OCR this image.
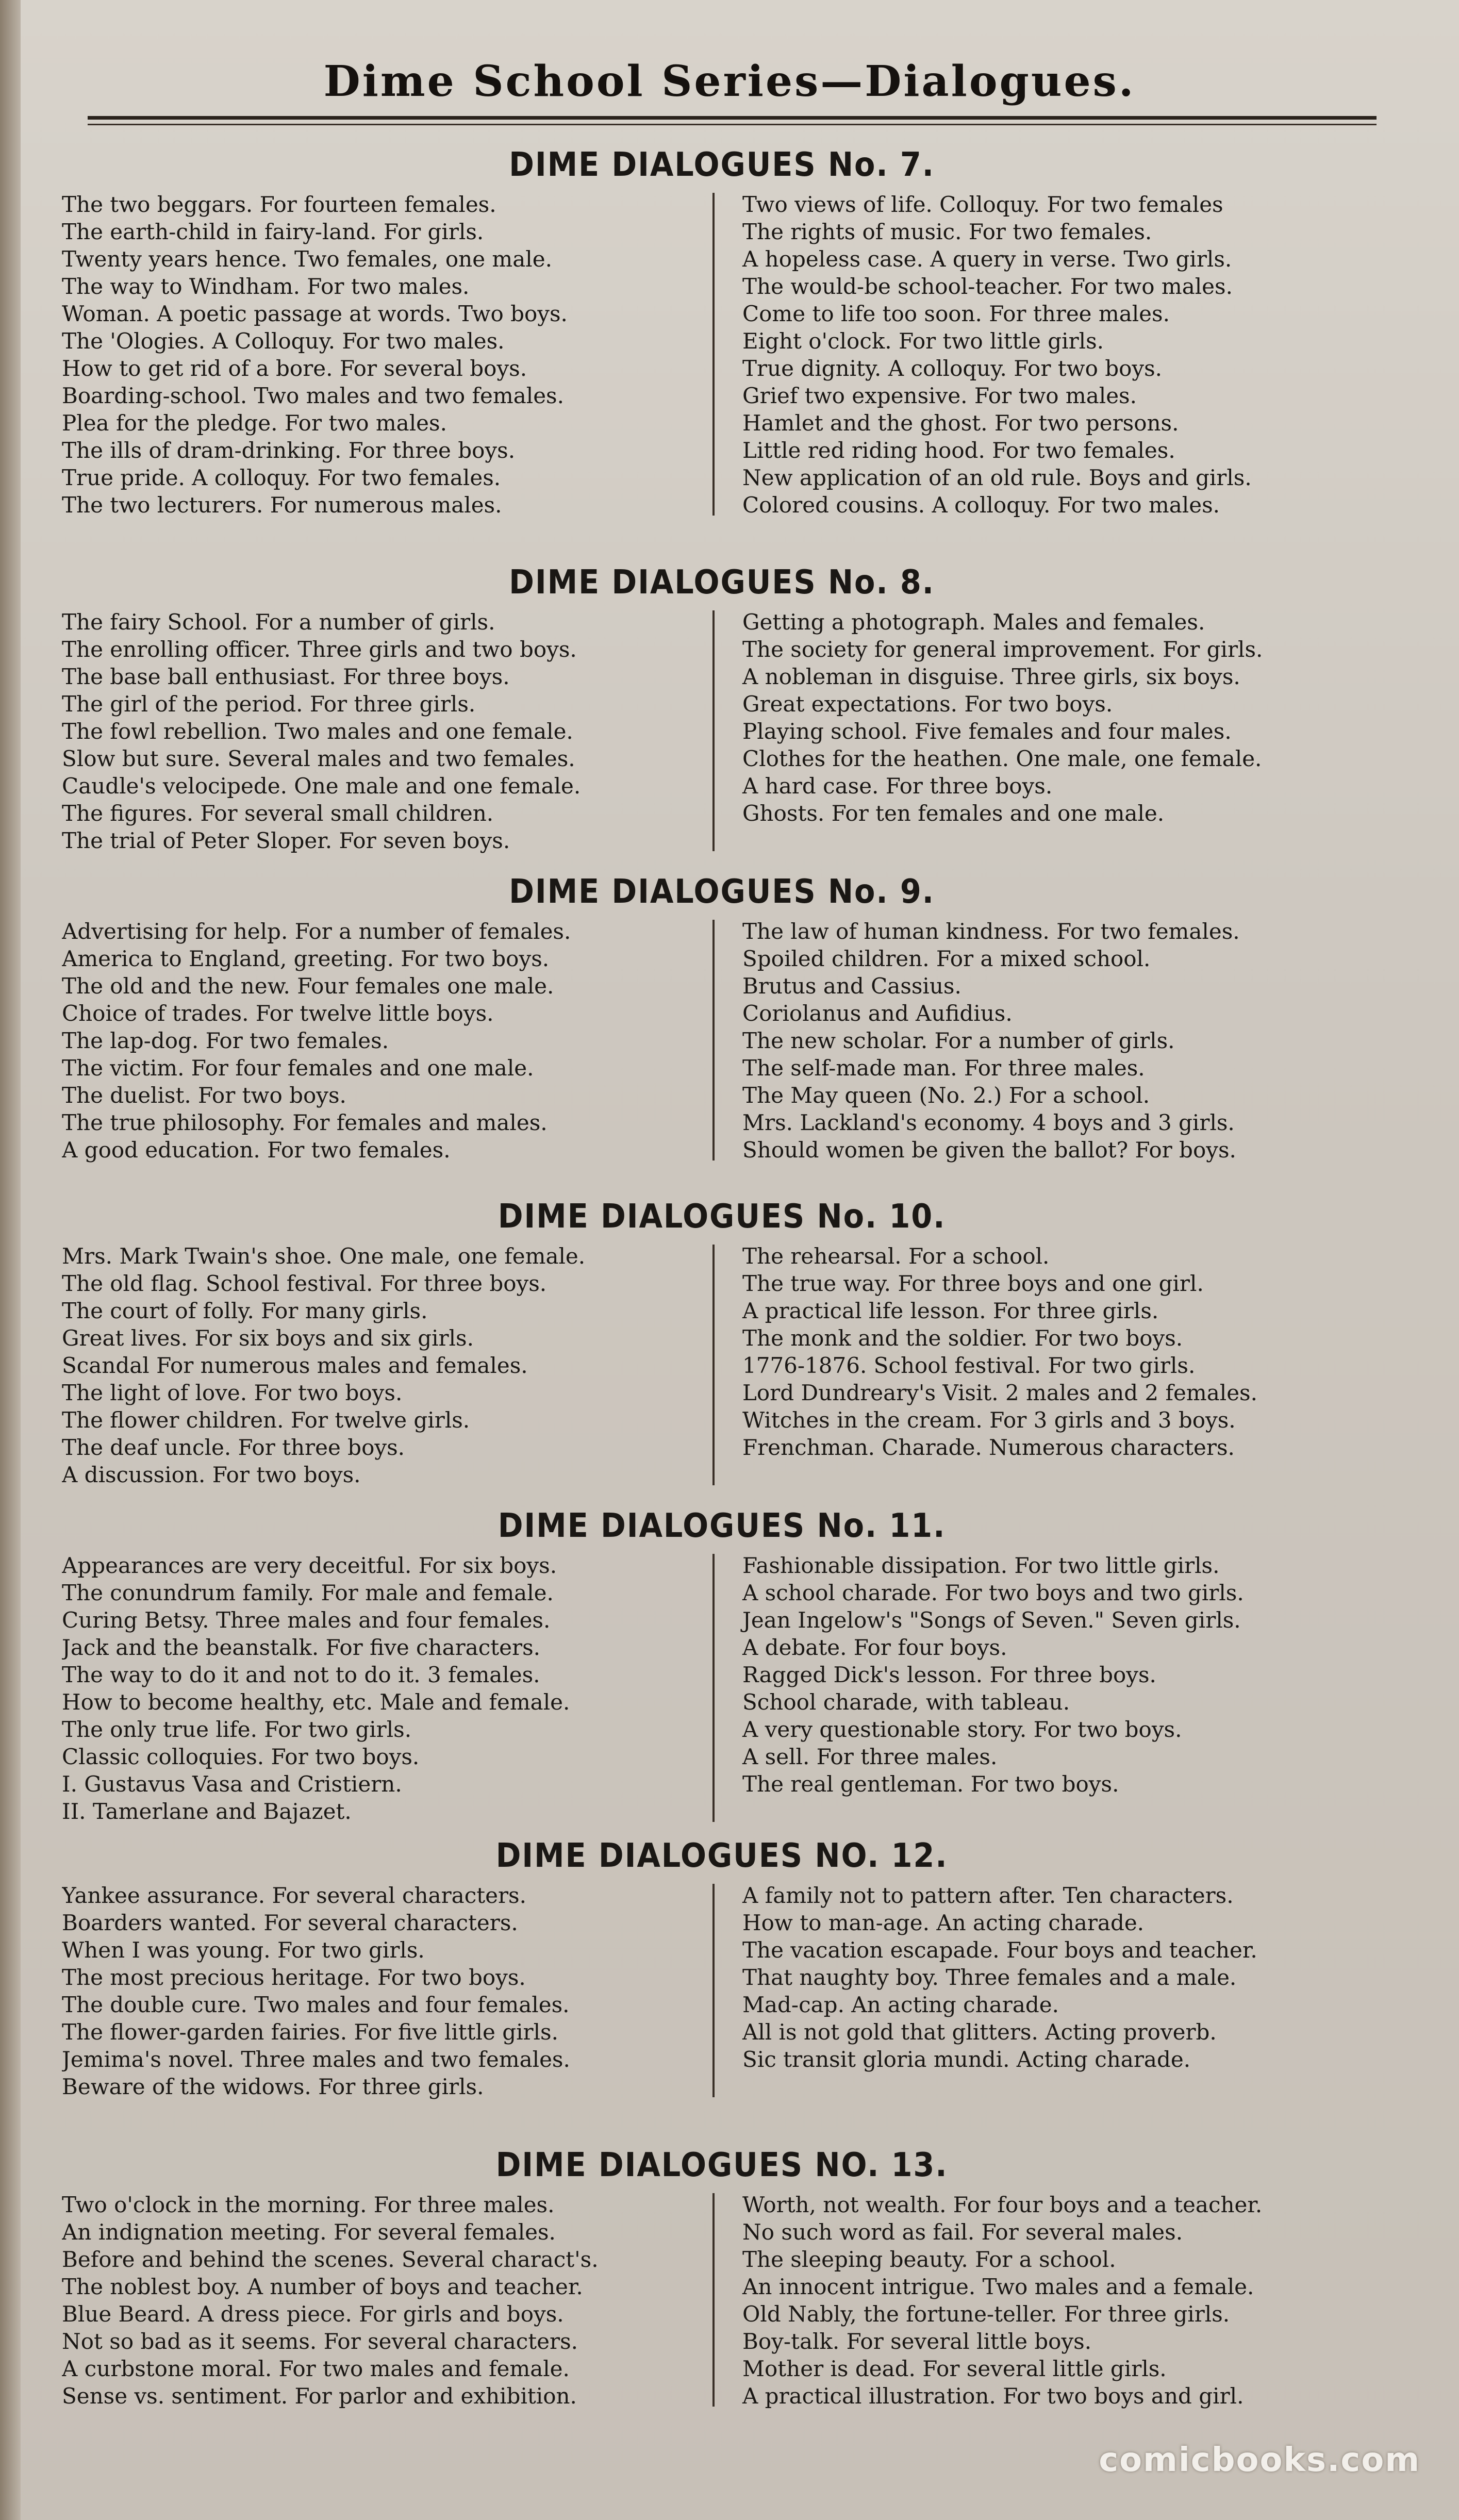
Dime School Series—Dialogues.
DIME DIALOGUES No. 7.
The two beggars. For fourteen females.
The earth-child in fairy-land. For girls.
Twenty years hence. Two females, one male.
The way to Windham. For two males.
Woman. A poetic passage at words. Two boys.
The 'Ologies. A Colloquy. For two males.
How to get rid of a bore. For several boys.
Boarding-school. Two males and two females.
Plea for the pledge. For two males.
The ills of dram-drinking. For three boys.
True pride. A colloquy. For two females.
The two lecturers. For numerous males.
Two views of life. Colloquy. For two females
The rights of music. For two females.
A hopeless case. A query in verse. Two girls.
The would-be school-teacher. For two males.
Come to life too soon. For three males.
Eight o'clock. For two little girls.
True dignity. A colloquy. For two boys.
Grief two expensive. For two males.
Hamlet and the ghost. For two persons.
Little red riding hood. For two females.
New application of an old rule. Boys and girls.
Colored cousins. A colloquy. For two males.
DIME DIALOGUES No. 8.
The fairy School. For a number of girls.
The enrolling officer. Three girls and two boys.
The base ball enthusiast. For three boys.
The girl of the period. For three girls.
The fowl rebellion. Two males and one female.
Slow but sure. Several males and two females.
Caudle's velocipede. One male and one female.
The figures. For several small children.
The trial of Peter Sloper. For seven boys.
Getting a photograph. Males and females.
The society for general improvement. For girls.
A nobleman in disguise. Three girls, six boys.
Great expectations. For two boys.
Playing school. Five females and four males.
Clothes for the heathen. One male, one female.
A hard case. For three boys.
Ghosts. For ten females and one male.
DIME DIALOGUES No. 9.
Advertising for help. For a number of females.
America to England, greeting. For two boys.
The old and the new. Four females one male.
Choice of trades. For twelve little boys.
The lap-dog. For two females.
The victim. For four females and one male.
The duelist. For two boys.
The true philosophy. For females and males.
A good education. For two females.
The law of human kindness. For two females.
Spoiled children. For a mixed school.
Brutus and Cassius.
Coriolanus and Aufidius.
The new scholar. For a number of girls.
The self-made man. For three males.
The May queen (No. 2.) For a school.
Mrs. Lackland's economy. 4 boys and 3 girls.
Should women be given the ballot? For boys.
DIME DIALOGUES No. 10.
Mrs. Mark Twain's shoe. One male, one female.
The old flag. School festival. For three boys.
The court of folly. For many girls.
Great lives. For six boys and six girls.
Scandal For numerous males and females.
The light of love. For two boys.
The flower children. For twelve girls.
The deaf uncle. For three boys.
A discussion. For two boys.
The rehearsal. For a school.
The true way. For three boys and one girl.
A practical life lesson. For three girls.
The monk and the soldier. For two boys.
1776-1876. School festival. For two girls.
Lord Dundreary's Visit. 2 males and 2 females.
Witches in the cream. For 3 girls and 3 boys.
Frenchman. Charade. Numerous characters.
DIME DIALOGUES No. 11.
Appearances are very deceitful. For six boys.
The conundrum family. For male and female.
Curing Betsy. Three males and four females.
Jack and the beanstalk. For five characters.
The way to do it and not to do it. 3 females.
How to become healthy, etc. Male and female.
The only true life. For two girls.
Classic colloquies. For two boys.
I. Gustavus Vasa and Cristiern.
II. Tamerlane and Bajazet.
Fashionable dissipation. For two little girls.
A school charade. For two boys and two girls.
Jean Ingelow's "Songs of Seven." Seven girls.
A debate. For four boys.
Ragged Dick's lesson. For three boys.
School charade, with tableau.
A very questionable story. For two boys.
A sell. For three males.
The real gentleman. For two boys.
DIME DIALOGUES NO. 12.
Yankee assurance. For several characters.
Boarders wanted. For several characters.
When I was young. For two girls.
The most precious heritage. For two boys.
The double cure. Two males and four females.
The flower-garden fairies. For five little girls.
Jemima's novel. Three males and two females.
Beware of the widows. For three girls.
A family not to pattern after. Ten characters.
How to man-age. An acting charade.
The vacation escapade. Four boys and teacher.
That naughty boy. Three females and a male.
Mad-cap. An acting charade.
All is not gold that glitters. Acting proverb.
Sic transit gloria mundi. Acting charade.
DIME DIALOGUES NO. 13.
Two o'clock in the morning. For three males.
An indignation meeting. For several females.
Before and behind the scenes. Several charact's.
The noblest boy. A number of boys and teacher.
Blue Beard. A dress piece. For girls and boys.
Not so bad as it seems. For several characters.
A curbstone moral. For two males and female.
Sense vs. sentiment. For parlor and exhibition.
Worth, not wealth. For four boys and a teacher.
No such word as fail. For several males.
The sleeping beauty. For a school.
An innocent intrigue. Two males and a female.
Old Nably, the fortune-teller. For three girls.
Boy-talk. For several little boys.
Mother is dead. For several little girls.
A practical illustration. For two boys and girl.
comicbooks.com
